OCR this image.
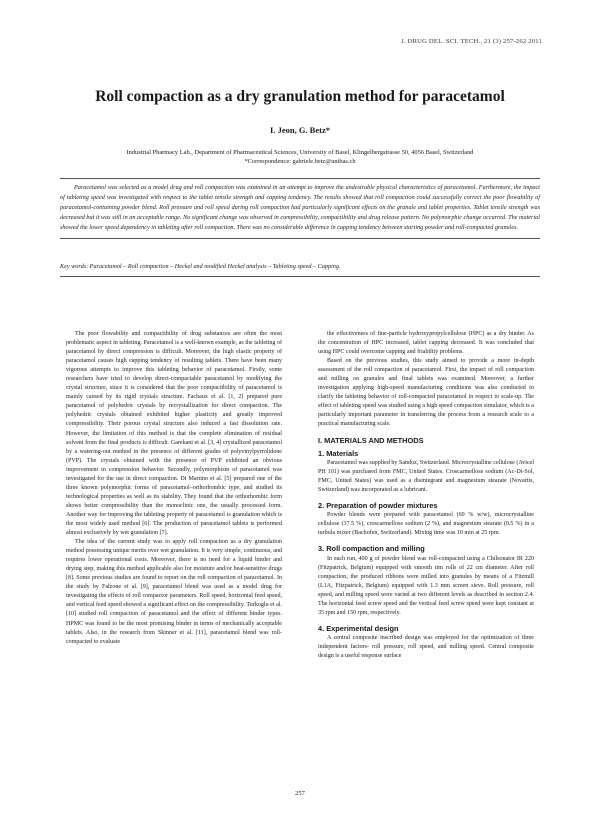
J. DRUG DEL. SCI. TECH., 21 (3) 257-262 2011
Roll compaction as a dry granulation method for paracetamol
I. Jeon, G. Betz*
Industrial Pharmacy Lab., Department of Pharmaceutical Sciences, University of Basel, Klingelbergstrasse 50, 4056 Basel, Switzerland
*Correspondence: gabriele.betz@unibas.ch

Paracetamol was selected as a model drug and roll compaction was examined in an attempt to improve the undesirable physical characteristics of paracetamol. Furthermore, the impact of tableting speed was investigated with respect to the tablet tensile strength and capping tendency. The results showed that roll compaction could successfully correct the poor flowability of paracetamol-containing powder blend. Roll pressure and roll speed during roll compaction had particularly significant effects on the granule and tablet properties. Tablet tensile strength was decreased but it was still in an acceptable range. No significant change was observed in compressibility, compactibility and drug release pattern. No polymorphic change occurred. The material showed the lower speed dependency in tableting after roll compaction. There was no considerable difference in capping tendency between starting powder and roll-compacted granules.

Key words: Paracetamol – Roll compaction – Heckel and modified Heckel analysis – Tableting speed – Capping.

The poor flowability and compactibility of drug substances are often the most problematic aspect in tableting. Paracetamol is a well-known example, as the tableting of paracetamol by direct compression is difficult. Moreover, the high elastic property of paracetamol causes high capping tendency of resulting tablets. There have been many vigorous attempts to improve this tableting behavior of paracetamol. Firstly, some researchers have tried to develop direct-compactable paracetamol by modifying the crystal structure, since it is considered that the poor compactibility of paracetamol is mainly caused by its rigid crystals structure. Fachaux et al. [1, 2] prepared pure paracetamol of polyhedric crystals by recrystallization for direct compaction. The polyhedric crystals obtained exhibited higher plasticity and greatly improved compressibility. Their porous crystal structure also induced a fast dissolution rate. However, the limitation of this method is that the complete elimination of residual solvent from the final products is difficult. Garekani et al. [3, 4] crystallized paracetamol by a watering-out method in the presence of different grades of polyvinylpyrrolidone (PVP). The crystals obtained with the presence of PVP exhibited an obvious improvement in compression behavior. Secondly, polymorphism of paracetamol was investigated for the use in direct compaction. Di Martino et al. [5] prepared one of the three known polymorphic forms of paracetamol–orthorhombic type, and studied its technological properties as well as its stability. They found that the orthorhombic form shows better compressibility than the monoclinic one, the usually processed form. Another way for improving the tableting property of paracetamol is granulation which is the most widely used method [6]. The production of paracetamol tablets is performed almost exclusively by wet granulation [7].

The idea of the current study was to apply roll compaction as a dry granulation method possessing unique merits over wet granulation. It is very simple, continuous, and requires lower operational costs. Moreover, there is no need for a liquid binder and drying step, making this method applicable also for moisture and/or heat-sensitive drugs [8]. Some previous studies are found to report on the roll compaction of paracetamol. In the study by Falzone et al. [9], paracetamol blend was used as a model drug for investigating the effects of roll compactor parameters. Roll speed, horizontal feed speed, and vertical feed speed showed a significant effect on the compressibility. Turkoglu et al. [10] studied roll compaction of paracetamol and the effect of different binder types. HPMC was found to be the most promising binder in terms of mechanically acceptable tablets. Also, in the research from Skinner et al. [11], paracetamol blend was roll-compacted to evaluate

the effectiveness of fine-particle hydroxypropylcellulose (HPC) as a dry binder. As the concentration of HPC increased, tablet capping decreased. It was concluded that using HPC could overcome capping and friability problems.

Based on the previous studies, this study aimed to provide a more in-depth assessment of the roll compaction of paracetamol. First, the impact of roll compaction and milling on granules and final tablets was examined. Moreover, a further investigation applying high-speed manufacturing conditions was also conducted to clarify the tableting behavior of roll-compacted paracetamol in respect to scale-up. The effect of tableting speed was studied using a high speed compaction simulator, which is a particularly important parameter in transferring the process from a research scale to a practical manufacturing scale.

I. MATERIALS AND METHODS
1. Materials

Paracetamol was supplied by Sandoz, Switzerland. Microcrystalline cellulose (Avicel PH 101) was purchased from FMC, United States. Croscarmellose sodium (Ac-Di-Sol, FMC, United States) was used as a disintegrant and magnesium stearate (Novartis, Switzerland) was incorporated as a lubricant.

2. Preparation of powder mixtures

Powder blends were prepared with paracetamol (60 % w/w), microcrystalline cellulose (37.5 %), croscarmellose sodium (2 %), and magnesium stearate (0.5 %) in a turbula mixer (Bachofen, Switzerland). Mixing time was 10 min at 25 rpm.

3. Roll compaction and milling

In each run, 400 g of powder blend was roll-compacted using a Chilsonator IR 220 (Fitzpatrick, Belgium) equipped with smooth rim rolls of 22 cm diameter. After roll compaction, the produced ribbons were milled into granules by means of a Fitzmill (L1A, Fitzpatrick, Belgium) equipped with 1.3 mm screen sieve. Roll pressure, roll speed, and milling speed were varied at two different levels as described in section 2.4. The horizontal feed screw speed and the vertical feed screw speed were kept constant at 35 rpm and 150 rpm, respectively.

4. Experimental design

A central composite inscribed design was employed for the optimization of three independent factors- roll pressure, roll speed, and milling speed. Central composite design is a useful response surface

257
